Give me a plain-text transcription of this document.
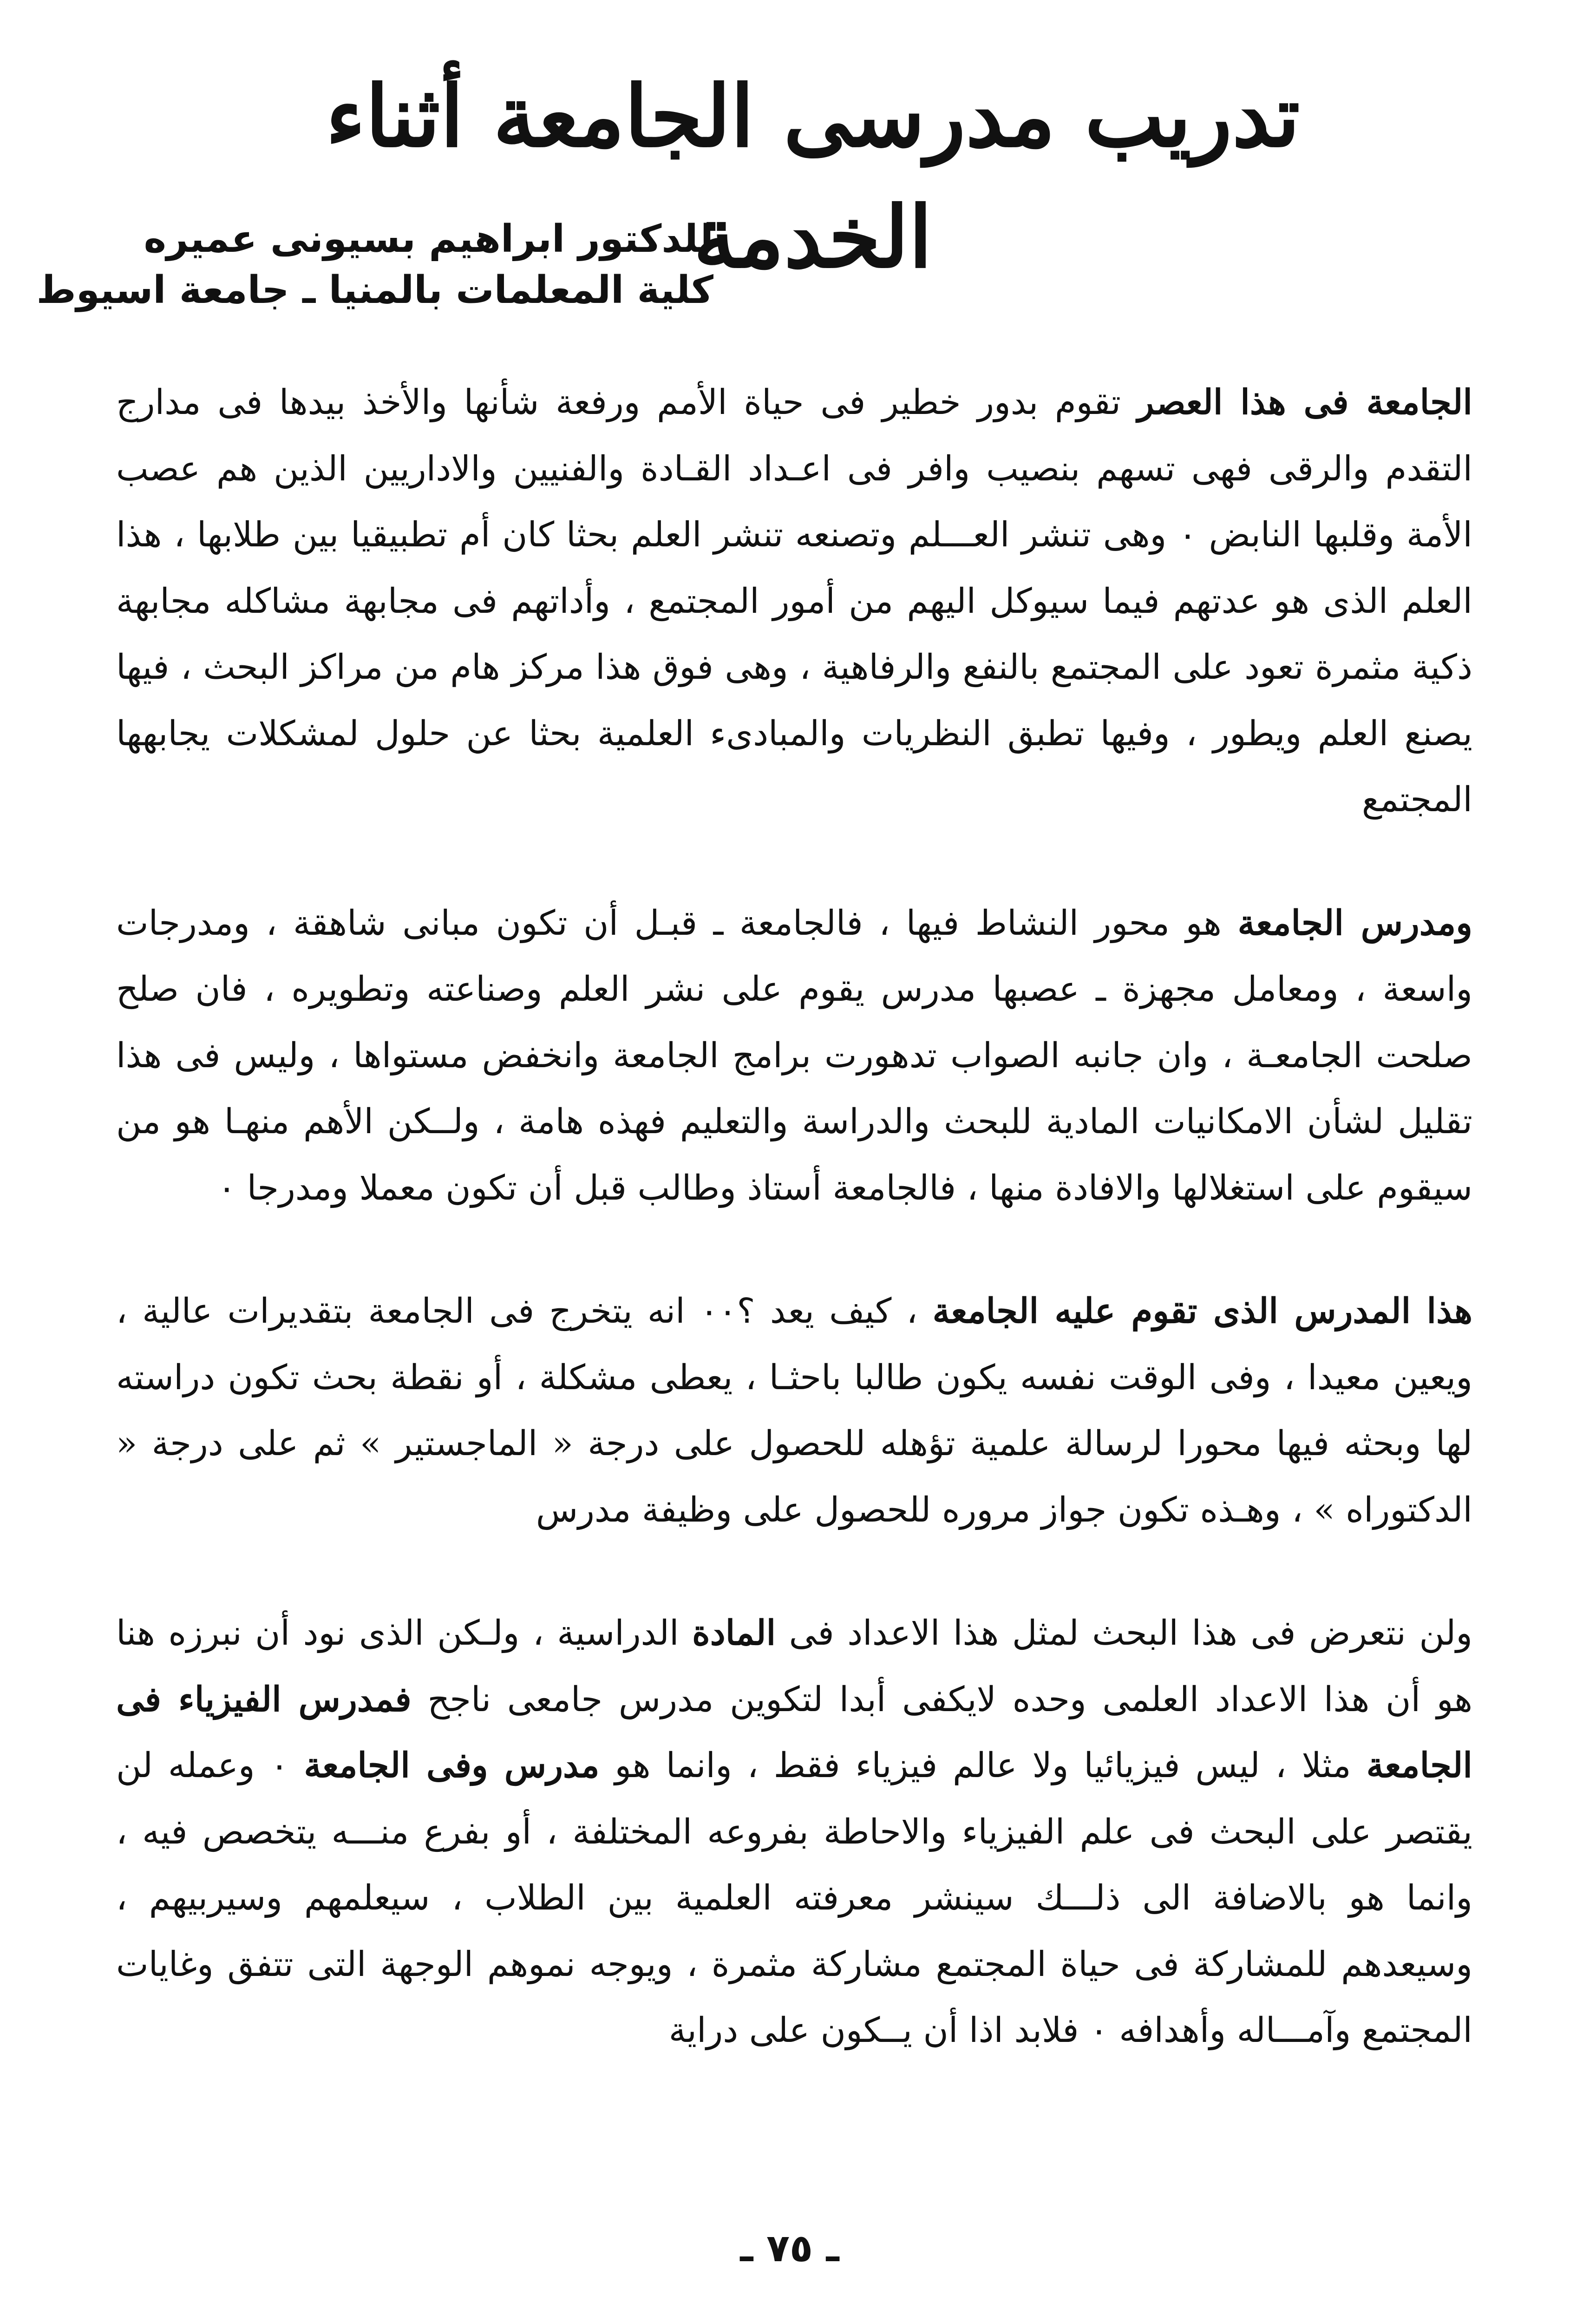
تدريب مدرسى الجامعة أثناء الخدمة
للدكتور ابراهيم بسيونى عميره
كلية المعلمات بالمنيا ـ جامعة اسيوط

الجامعة فى هذا العصر تقوم بدور خطير فى حياة الأمم ورفعة شأنها والأخذ بيدها فى مدارج التقدم والرقى فهى تسهم بنصيب وافر فى اعـداد القـادة والفنيين والاداريين الذين هم عصب الأمة وقلبها النابض ٠ وهى تنشر العـــلم وتصنعه تنشر العلم بحثا كان أم تطبيقيا بين طلابها ، هذا العلم الذى هو عدتهم فيما سيوكل اليهم من أمور المجتمع ، وأداتهم فى مجابهة مشاكله مجابهة ذكية مثمرة تعود على المجتمع بالنفع والرفاهية ، وهى فوق هذا مركز هام من مراكز البحث ، فيها يصنع العلم ويطور ، وفيها تطبق النظريات والمبادىء العلمية بحثا عن حلول لمشكلات يجابهها المجتمع

ومدرس الجامعة هو محور النشاط فيها ، فالجامعة ـ قبـل أن تكون مبانى شاهقة ، ومدرجات واسعة ، ومعامل مجهزة ـ عصبها مدرس يقوم على نشر العلم وصناعته وتطويره ، فان صلح صلحت الجامعـة ، وان جانبه الصواب تدهورت برامج الجامعة وانخفض مستواها ، وليس فى هذا تقليل لشأن الامكانيات المادية للبحث والدراسة والتعليم فهذه هامة ، ولــكن الأهم منهـا هو من سيقوم على استغلالها والافادة منها ، فالجامعة أستاذ وطالب قبل أن تكون معملا ومدرجا ٠

هذا المدرس الذى تقوم عليه الجامعة ، كيف يعد ؟٠٠ انه يتخرج فى الجامعة بتقديرات عالية ، ويعين معيدا ، وفى الوقت نفسه يكون طالبا باحثـا ، يعطى مشكلة ، أو نقطة بحث تكون دراسته لها وبحثه فيها محورا لرسالة علمية تؤهله للحصول على درجة « الماجستير » ثم على درجة « الدكتوراه » ، وهـذه تكون جواز مروره للحصول على وظيفة مدرس

ولن نتعرض فى هذا البحث لمثل هذا الاعداد فى المادة الدراسية ، ولـكن الذى نود أن نبرزه هنا هو أن هذا الاعداد العلمى وحده لايكفى أبدا لتكوين مدرس جامعى ناجح فمدرس الفيزياء فى الجامعة مثلا ، ليس فيزيائيا ولا عالم فيزياء فقط ، وانما هو مدرس وفى الجامعة ٠ وعمله لن يقتصر على البحث فى علم الفيزياء والاحاطة بفروعه المختلفة ، أو بفرع منـــه يتخصص فيه ، وانما هو بالاضافة الى ذلـــك سينشر معرفته العلمية بين الطلاب ، سيعلمهم وسيربيهم ، وسيعدهم للمشاركة فى حياة المجتمع مشاركة مثمرة ، ويوجه نموهم الوجهة التى تتفق وغايات المجتمع وآمـــاله وأهدافه ٠ فلابد اذا أن يــكون على دراية

ـ ٧٥ ـ
